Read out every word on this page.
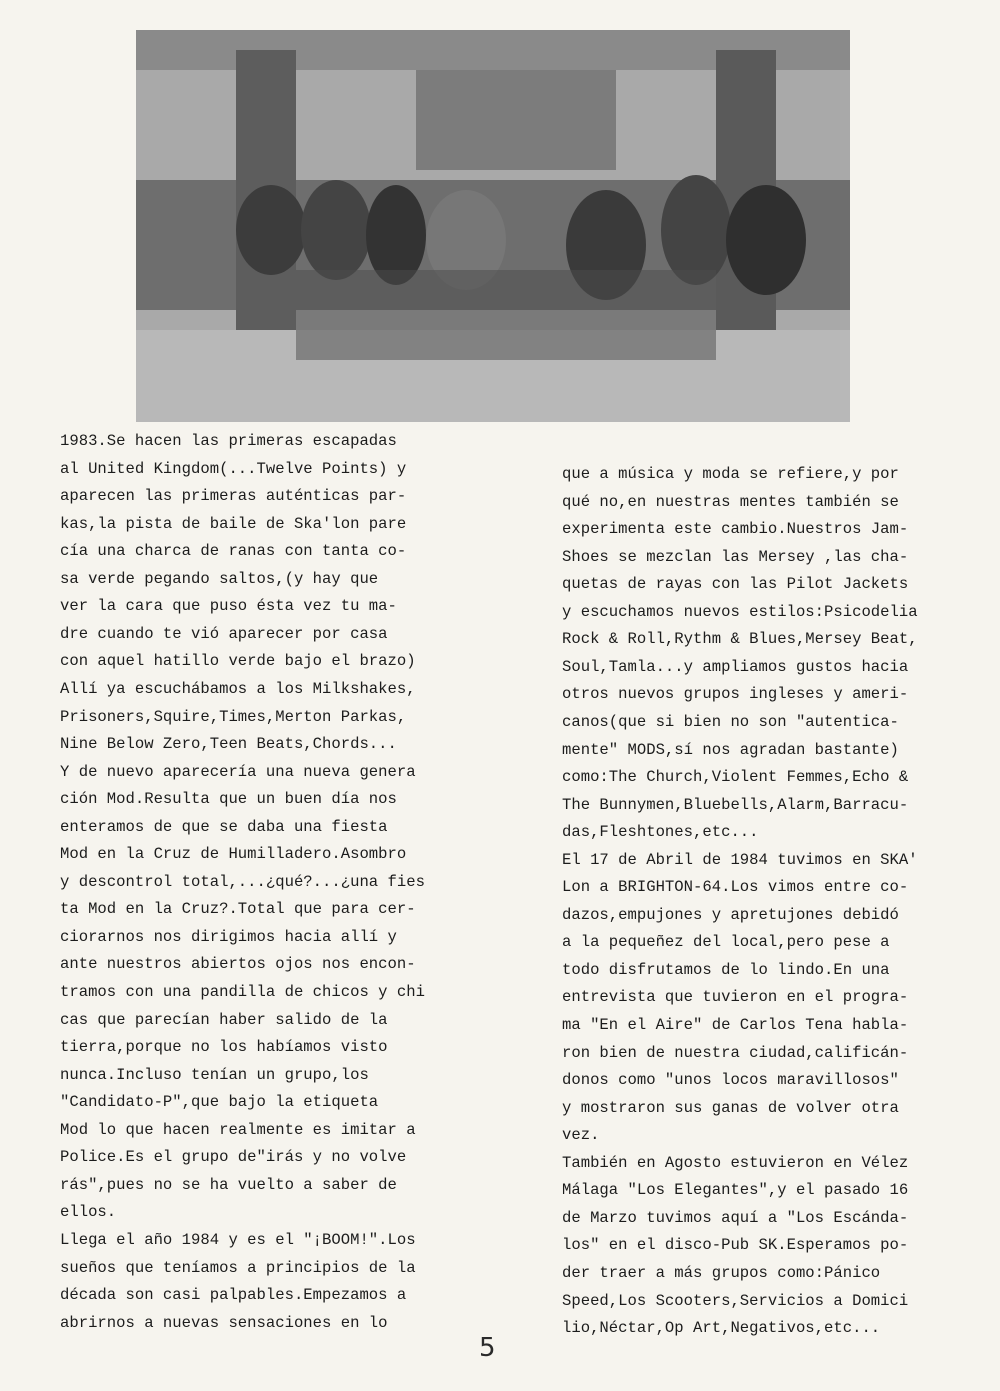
1983.Se hacen las primeras escapadas
al United Kingdom(...Twelve Points) y
aparecen las primeras auténticas par-
kas,la pista de baile de Ska'lon pare
cía una charca de ranas con tanta co-
sa verde pegando saltos,(y hay que
ver la cara que puso ésta vez tu ma-
dre cuando te vió aparecer por casa
con aquel hatillo verde bajo el brazo)
Allí ya escuchábamos a los Milkshakes,
Prisoners,Squire,Times,Merton Parkas,
Nine Below Zero,Teen Beats,Chords...
Y de nuevo aparecería una nueva genera
ción Mod.Resulta que un buen día nos
enteramos de que se daba una fiesta
Mod en la Cruz de Humilladero.Asombro
y descontrol total,...¿qué?...¿una fies
ta Mod en la Cruz?.Total que para cer-
ciorarnos nos dirigimos hacia allí y
ante nuestros abiertos ojos nos encon-
tramos con una pandilla de chicos y chi
cas que parecían haber salido de la
tierra,porque no los habíamos visto
nunca.Incluso tenían un grupo,los
"Candidato-P",que bajo la etiqueta
Mod lo que hacen realmente es imitar a
Police.Es el grupo de"irás y no volve
rás",pues no se ha vuelto a saber de
ellos.
Llega el año 1984 y es el "¡BOOM!".Los
sueños que teníamos a principios de la
década son casi palpables.Empezamos a
abrirnos a nuevas sensaciones en lo
que a música y moda se refiere,y por
qué no,en nuestras mentes también se
experimenta este cambio.Nuestros Jam-
Shoes se mezclan las Mersey ,las cha-
quetas de rayas con las Pilot Jackets
y escuchamos nuevos estilos:Psicodelia
Rock & Roll,Rythm & Blues,Mersey Beat,
Soul,Tamla...y ampliamos gustos hacia
otros nuevos grupos ingleses y ameri-
canos(que si bien no son "autentica-
mente" MODS,sí nos agradan bastante)
como:The Church,Violent Femmes,Echo &
The Bunnymen,Bluebells,Alarm,Barracu-
das,Fleshtones,etc...
El 17 de Abril de 1984 tuvimos en SKA'
Lon a BRIGHTON-64.Los vimos entre co-
dazos,empujones y apretujones debidó
a la pequeñez del local,pero pese a
todo disfrutamos de lo lindo.En una
entrevista que tuvieron en el progra-
ma "En el Aire" de Carlos Tena habla-
ron bien de nuestra ciudad,calificán-
donos como "unos locos maravillosos"
y mostraron sus ganas de volver otra
vez.
También en Agosto estuvieron en Vélez
Málaga "Los Elegantes",y el pasado 16
de Marzo tuvimos aquí a "Los Escánda-
los" en el disco-Pub SK.Esperamos po-
der traer a más grupos como:Pánico
Speed,Los Scooters,Servicios a Domici
lio,Néctar,Op Art,Negativos,etc...
5
